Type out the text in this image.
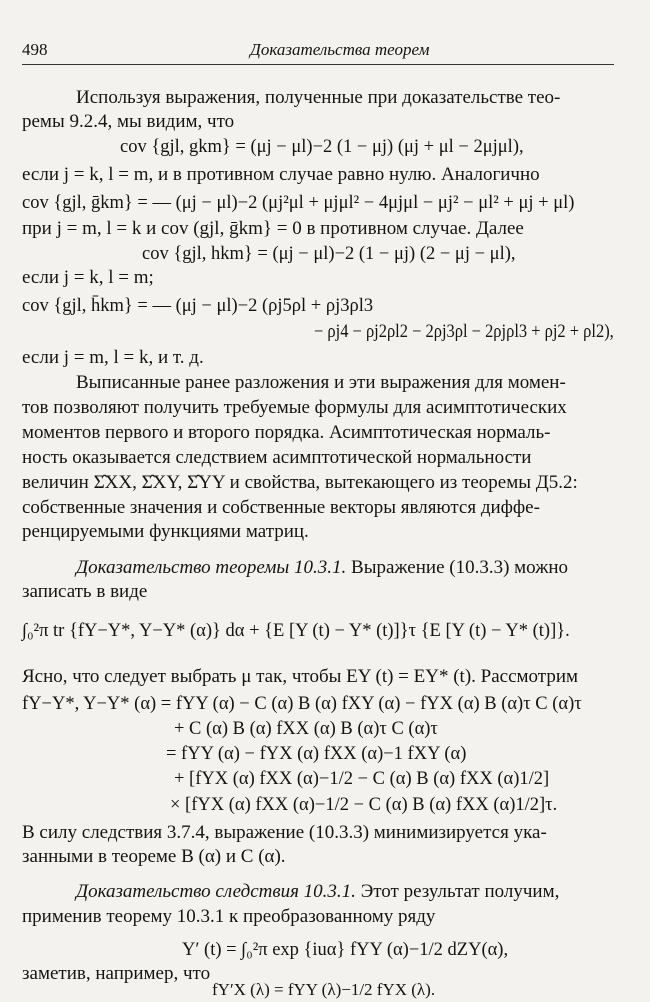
498	Доказательства теорем
Используя выражения, полученные при доказательстве тео-
ремы 9.2.4, мы видим, что
cov {gjl, gkm} = (μj − μl)−2 (1 − μj) (μj + μl − 2μjμl),
если j = k, l = m, и в противном случае равно нулю. Аналогично
cov {gjl, ḡkm} = — (μj − μl)−2 (μj²μl + μjμl² − 4μjμl − μj² − μl² + μj + μl)
при j = m, l = k и cov (gjl, ḡkm} = 0 в противном случае. Далее
cov {gjl, hkm} = (μj − μl)−2 (1 − μj) (2 − μj − μl),
если j = k, l = m;
cov {gjl, h̄km} = — (μj − μl)−2 (ρj5ρl + ρj3ρl3
− ρj4 − ρj2ρl2 − 2ρj3ρl − 2ρjρl3 + ρj2 + ρl2),
если j = m, l = k, и т. д.
Выписанные ранее разложения и эти выражения для момен-
тов позволяют получить требуемые формулы для асимптотических
моментов первого и второго порядка. Асимптотическая нормаль-
ность оказывается следствием асимптотической нормальности
величин Σ̂XX, Σ̂XY, Σ̂YY и свойства, вытекающего из теоремы Д5.2:
собственные значения и собственные векторы являются диффе-
ренцируемыми функциями матриц.
Доказательство теоремы 10.3.1. Выражение (10.3.3) можно
записать в виде
∫₀²π tr {fY−Y*, Y−Y* (α)} dα + {E [Y (t) − Y* (t)]}τ {E [Y (t) − Y* (t)]}.
Ясно, что следует выбрать μ так, чтобы EY (t) = EY* (t). Рассмотрим
fY−Y*, Y−Y* (α) = fYY (α) − C (α) B (α) fXY (α) − fYX (α) B (α)τ C (α)τ
+ C (α) B (α) fXX (α) B (α)τ C (α)τ
= fYY (α) − fYX (α) fXX (α)−1 fXY (α)
+ [fYX (α) fXX (α)−1/2 − C (α) B (α) fXX (α)1/2]
× [fYX (α) fXX (α)−1/2 − C (α) B (α) fXX (α)1/2]τ.
В силу следствия 3.7.4, выражение (10.3.3) минимизируется ука-
занными в теореме B (α) и C (α).
Доказательство следствия 10.3.1. Этот результат получим,
применив теорему 10.3.1 к преобразованному ряду
Y′ (t) = ∫₀²π exp {iuα} fYY (α)−1/2 dZY(α),
заметив, например, что
fY′X (λ) = fYY (λ)−1/2 fYX (λ).
